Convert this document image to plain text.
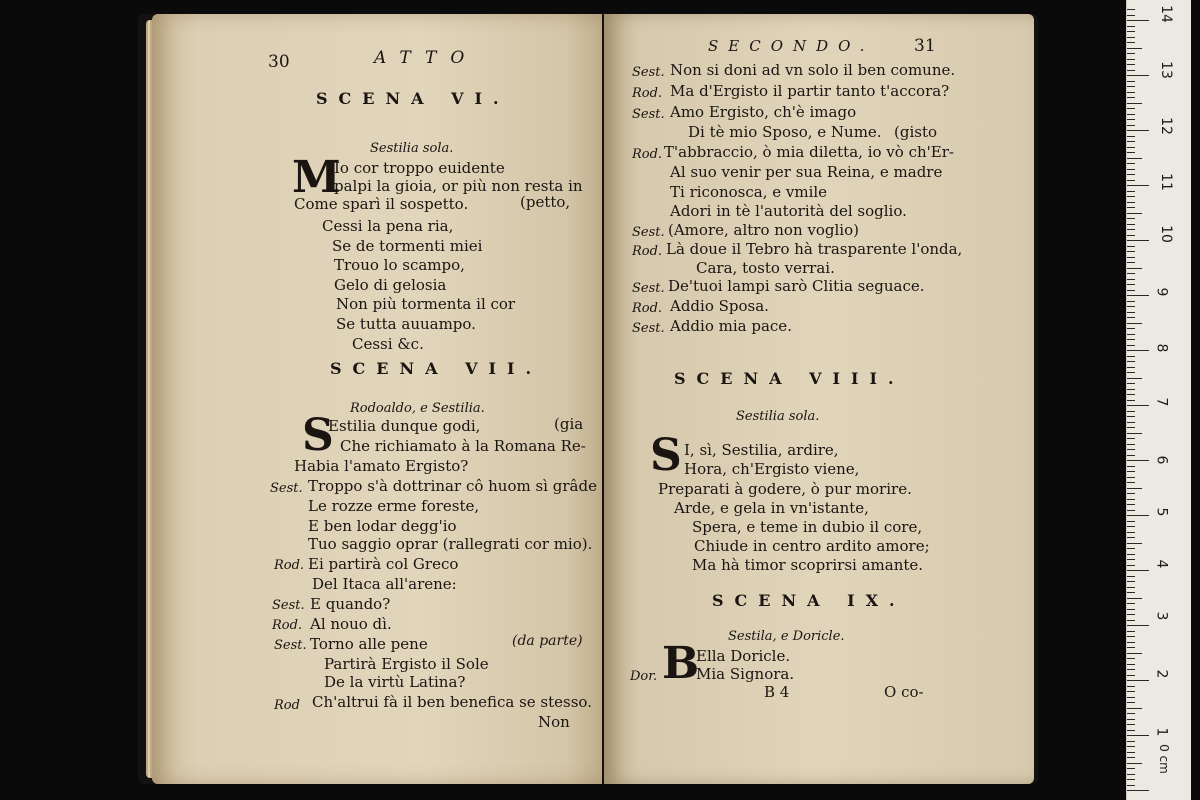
30	ATTO
SCENA VI.
Sestilia sola.
M
Io cor troppo euidente
palpi la gioia, or più non resta in
Come sparì il sospetto.	(petto,
Cessi la pena ria,
Se de tormenti miei
Trouo lo scampo,
Gelo di gelosia
Non più tormenta il cor
Se tutta auuampo.
Cessi &c.
SCENA VII.
Rodoaldo, e Sestilia.
S
Estilia dunque godi,	(gia
Che richiamato à la Romana Re-
Habia l'amato Ergisto?
Sest. Troppo s'à dottrinar cô huom sì grâde
Le rozze erme foreste,
E ben lodar degg'io
Tuo saggio oprar (rallegrati cor mio).
Rod. Ei partirà col Greco
Del Itaca all'arene:
Sest. E quando?
Rod. Al nouo dì.
Sest. Torno alle pene	(da parte)
Partirà Ergisto il Sole
De la virtù Latina?
Rod Ch'altrui fà il ben benefica se stesso.
Non
SECONDO. 31
Sest. Non si doni ad vn solo il ben comune.
Rod. Ma d'Ergisto il partir tanto t'accora?
Sest. Amo Ergisto, ch'è imago
Di tè mio Sposo, e Nume. (gisto
Rod. T'abbraccio, ò mia diletta, io vò ch'Er-
Al suo venir per sua Reina, e madre
Ti riconosca, e vmile
Adori in tè l'autorità del soglio.
Sest. (Amore, altro non voglio)
Rod. Là doue il Tebro hà trasparente l'onda,
Cara, tosto verrai.
Sest. De'tuoi lampi sarò Clitia seguace.
Rod. Addio Sposa.
Sest. Addio mia pace.
SCENA VIII.
Sestilia sola.
S I, sì, Sestilia, ardire,
Hora, ch'Ergisto viene,
Preparati à godere, ò pur morire.
Arde, e gela in vn'istante,
Spera, e teme in dubio il core,
Chiude in centro ardito amore;
Ma hà timor scoprirsi amante.
SCENA IX.
Sestila, e Doricle.
Dor. B
Ella Doricle.
Mia Signora.
B 4	O co-
0 cm
1
2
3
4
5
6
7
8
9
10
11
12
13
14
